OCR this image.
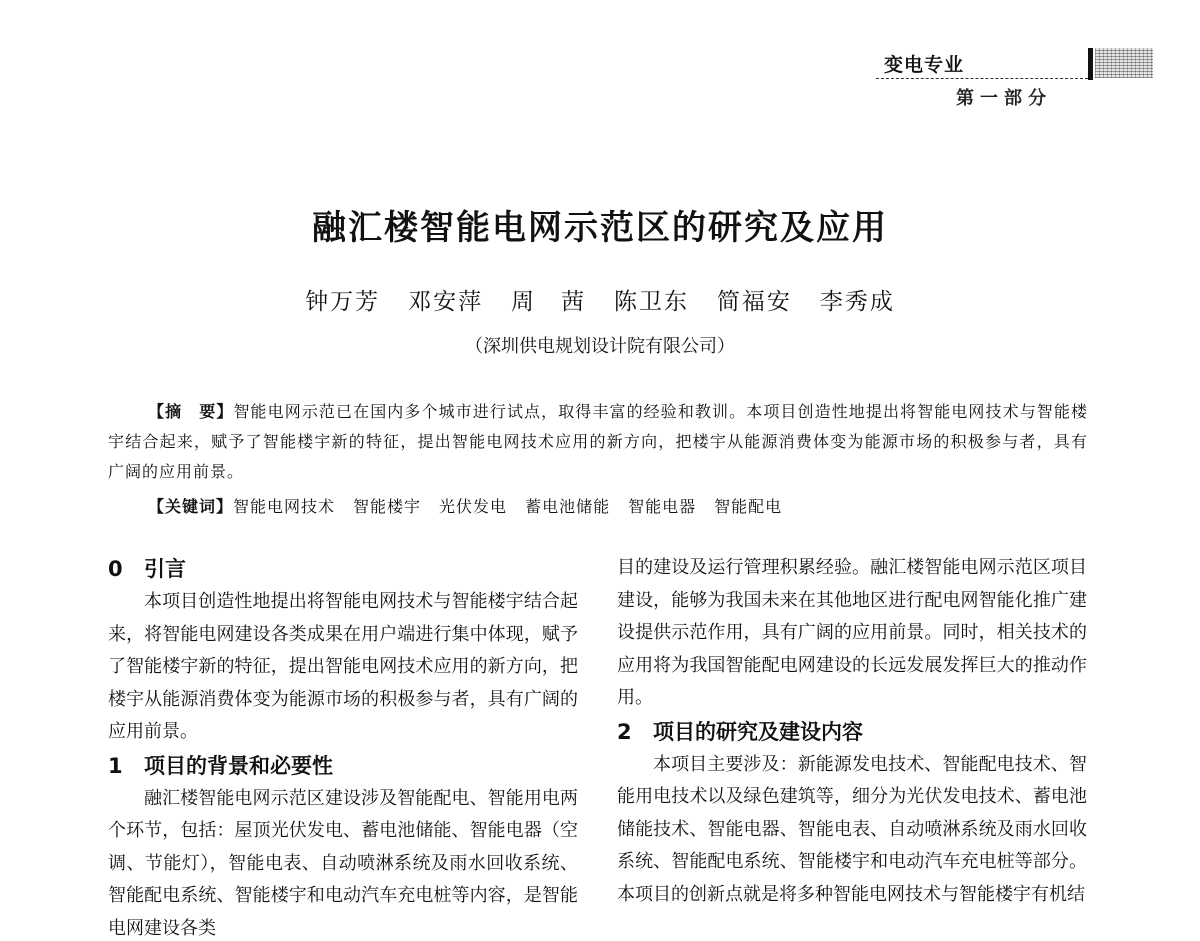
变电专业
第一部分
融汇楼智能电网示范区的研究及应用
钟万芳 邓安萍 周　茜 陈卫东 简福安 李秀成
（深圳供电规划设计院有限公司）
【摘　要】智能电网示范已在国内多个城市进行试点，取得丰富的经验和教训。本项目创造性地提出将智能电网技术与智能楼宇结合起来，赋予了智能楼宇新的特征，提出智能电网技术应用的新方向，把楼宇从能源消费体变为能源市场的积极参与者，具有广阔的应用前景。
【关键词】智能电网技术 智能楼宇 光伏发电 蓄电池储能 智能电器 智能配电
0 引言

本项目创造性地提出将智能电网技术与智能楼宇结合起来，将智能电网建设各类成果在用户端进行集中体现，赋予了智能楼宇新的特征，提出智能电网技术应用的新方向，把楼宇从能源消费体变为能源市场的积极参与者，具有广阔的应用前景。

1 项目的背景和必要性

融汇楼智能电网示范区建设涉及智能配电、智能用电两个环节，包括：屋顶光伏发电、蓄电池储能、智能电器（空调、节能灯），智能电表、自动喷淋系统及雨水回收系统、智能配电系统、智能楼宇和电动汽车充电桩等内容，是智能电网建设各类

目的建设及运行管理积累经验。融汇楼智能电网示范区项目建设，能够为我国未来在其他地区进行配电网智能化推广建设提供示范作用，具有广阔的应用前景。同时，相关技术的应用将为我国智能配电网建设的长远发展发挥巨大的推动作用。

2 项目的研究及建设内容

本项目主要涉及：新能源发电技术、智能配电技术、智能用电技术以及绿色建筑等，细分为光伏发电技术、蓄电池储能技术、智能电器、智能电表、自动喷淋系统及雨水回收系统、智能配电系统、智能楼宇和电动汽车充电桩等部分。本项目的创新点就是将多种智能电网技术与智能楼宇有机结
